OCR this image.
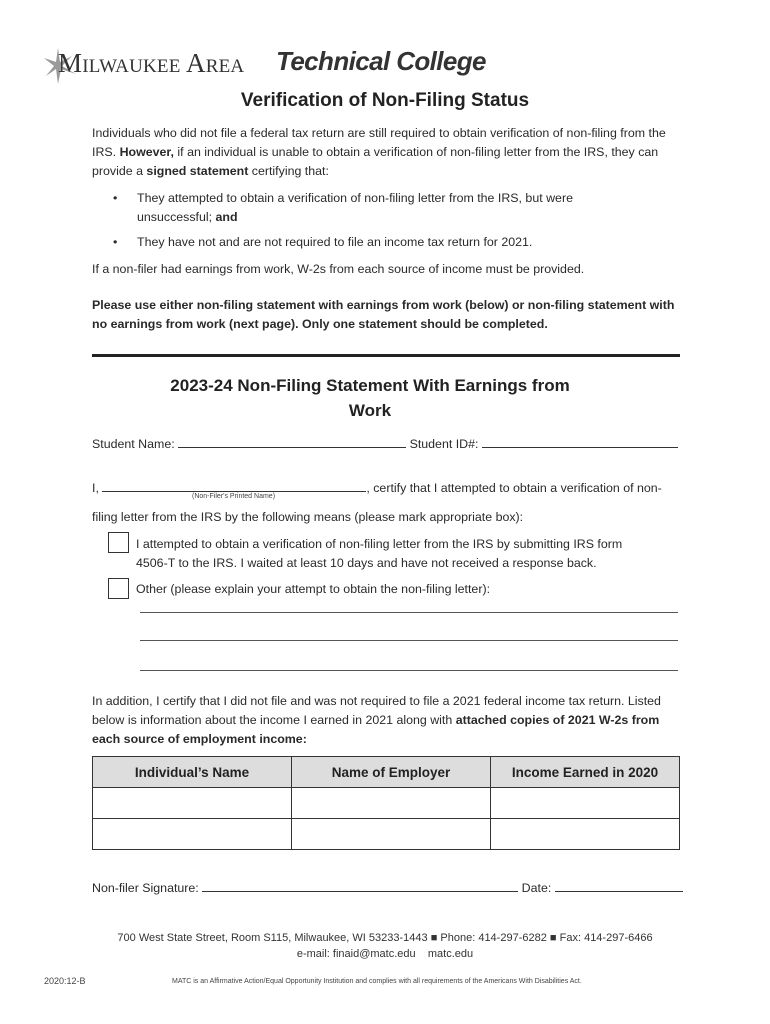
Milwaukee Area Technical College
Verification of Non-Filing Status
Individuals who did not file a federal tax return are still required to obtain verification of non-filing from the IRS. However, if an individual is unable to obtain a verification of non-filing letter from the IRS, they can provide a signed statement certifying that:
• They attempted to obtain a verification of non-filing letter from the IRS, but were unsuccessful; and
• They have not and are not required to file an income tax return for 2021.
If a non-filer had earnings from work, W-2s from each source of income must be provided.
Please use either non-filing statement with earnings from work (below) or non-filing statement with no earnings from work (next page). Only one statement should be completed.
2023-24 Non-Filing Statement With Earnings from Work
Student Name:	Student ID#:
I,	, certify that I attempted to obtain a verification of non-
(Non-Filer's Printed Name)
filing letter from the IRS by the following means (please mark appropriate box):
I attempted to obtain a verification of non-filing letter from the IRS by submitting IRS form
4506-T to the IRS. I waited at least 10 days and have not received a response back.
Other (please explain your attempt to obtain the non-filing letter):
In addition, I certify that I did not file and was not required to file a 2021 federal income tax return. Listed below is information about the income I earned in 2021 along with attached copies of 2021 W-2s from each source of employment income:
Individual’s Name	Name of Employer	Income Earned in 2020

Non-filer Signature:	Date:
700 West State Street, Room S115, Milwaukee, WI 53233-1443 ■ Phone: 414-297-6282 ■ Fax: 414-297-6466
e-mail: finaid@matc.edu matc.edu
2020:12-B	MATC is an Affirmative Action/Equal Opportunity Institution and complies with all requirements of the Americans With Disabilities Act.
